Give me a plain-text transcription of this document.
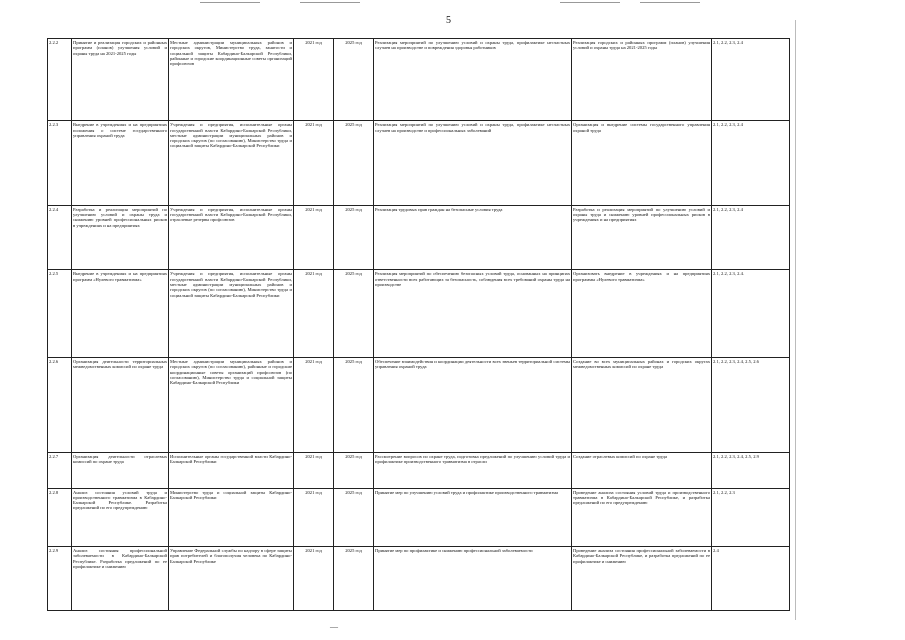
5
2.2.2	Принятие и реализация городских и районных программ (планов) улучшения условий и охраны труда на 2021-2025 годы	Местные администрации муниципальных районов и городских округов, Министерство труда, занятости и социальной защиты Кабардино-Балкарской Республики, районные и городские координационные советы организаций профсоюзов	2021 год	2025 год	Реализация мероприятий по улучшению условий и охраны труда, профилактике несчастных случаев на производстве и повреждения здоровья работников	Реализация городских и районных программ (планов) улучшения условий и охраны труда на 2021-2025 годы	2.1, 2.2, 2.3, 2.4
2.2.3	Внедрение в учреждениях и на предприятиях положения о системе государственного управления охраной труда	Учреждения и предприятия, исполнительные органы государственной власти Кабардино-Балкарской Республики, местные администрации муниципальных районов и городских округов (по согласованию), Министерство труда и социальной защиты Кабардино-Балкарской Республики	2021 год	2025 год	Реализация мероприятий по улучшению условий и охраны труда, профилактике несчастных случаев на производстве и профессиональных заболеваний	Организация и внедрение системы государственного управления охраной труда	2.1, 2.2, 2.3, 2.4
2.2.4	Разработка и реализация мероприятий по улучшению условий и охраны труда и снижению уровней профессиональных рисков в учреждениях и на предприятиях	Учреждения и предприятия, исполнительные органы государственной власти Кабардино-Балкарской Республики, отраслевые резервы профсоюзов	2021 год	2025 год	Реализация трудовых прав граждан на безопасные условия труда	Разработка и реализация мероприятий по улучшению условий и охраны труда и снижению уровней профессиональных рисков в учреждениях и на предприятиях	2.1, 2.2, 2.3, 2.4
2.2.5	Внедрение в учреждениях и на предприятиях программ «Нулевого травматизма»	Учреждения и предприятия, исполнительные органы государственной власти Кабардино-Балкарской Республики, местные администрации муниципальных районов и городских округов (по согласованию), Министерство труда и социальной защиты Кабардино-Балкарской Республики	2021 год	2025 год	Реализация мероприятий по обеспечению безопасных условий труда, основанных на принципах ответственности всех работающих за безопасность, соблюдения всех требований охраны труда на производстве	Организовать внедрение в учреждениях и на предприятиях программы «Нулевого травматизма»	2.1, 2.2, 2.3, 2.4.
2.2.6	Организация деятельности территориальных межведомственных комиссий по охране труда	Местные администрации муниципальных районов и городских округов (по согласованию), районные и городские координационные советы организаций профсоюзов (по согласованию), Министерство труда и социальной защиты Кабардино-Балкарской Республики	2021 год	2025 год	Обеспечение взаимодействия и координации деятельности всех звеньев территориальной системы управления охраной труда	Создание во всех муниципальных районах и городских округах межведомственных комиссий по охране труда	2.1, 2.2, 2.3, 2.4, 2.5, 2.6
2.2.7	Организация деятельности отраслевых комиссий по охране труда	Исполнительные органы государственной власти Кабардино-Балкарской Республики	2021 год	2025 год	Рассмотрение вопросов по охране труда, подготовка предложений по улучшению условий труда и профилактике производственного травматизма в отрасли	Создание отраслевых комиссий по охране труда	2.1, 2.2, 2.3, 2.4, 2.5, 2.9
2.2.8	Анализ состояния условий труда и производственного травматизма в Кабардино-Балкарской Республике. Разработка предложений по его предупреждению	Министерство труда и социальной защиты Кабардино-Балкарской Республики	2021 год	2025 год	Принятие мер по улучшению условий труда и профилактике производственного травматизма	Проведение анализа состояния условий труда и производственного травматизма в Кабардино-Балкарской Республике, и разработка предложений по его предупреждению	2.1, 2.2, 2.3
2.2.9	Анализ состояния профессиональной заболеваемости в Кабардино-Балкарской Республике. Разработка предложений по ее профилактике и снижению	Управление Федеральной службы по надзору в сфере защиты прав потребителей и благополучия человека по Кабардино-Балкарской Республике	2021 год	2025 год	Принятие мер по профилактике и снижению профессиональной заболеваемости	Проведение анализа состояния профессиональной заболеваемости в Кабардино-Балкарской Республике, и разработка предложений по ее профилактике и снижению	2.4
—
